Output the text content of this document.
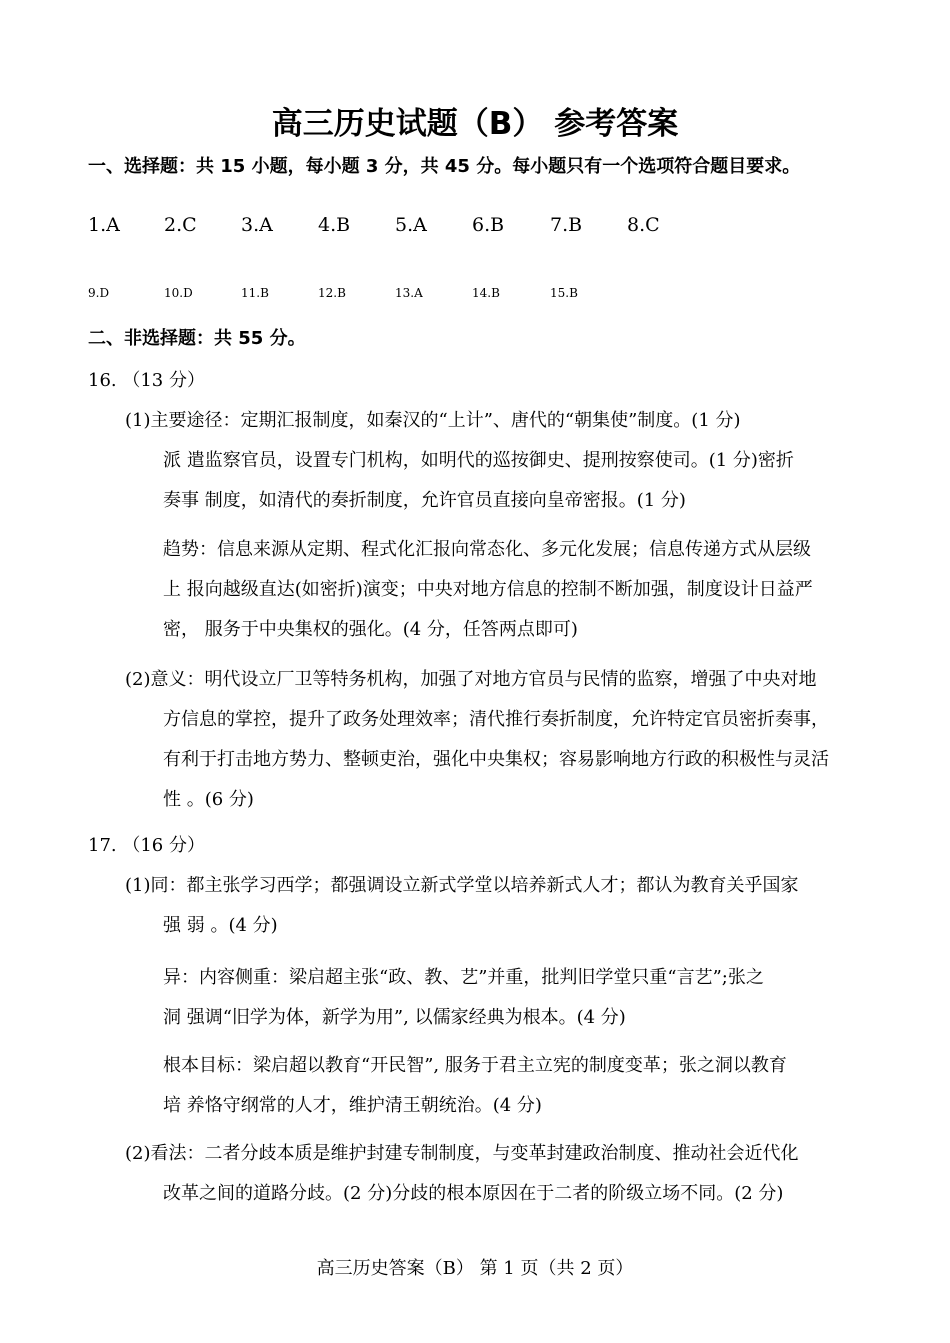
高三历史试题（B） 参考答案
一、选择题：共 15 小题，每小题 3 分，共 45 分。每小题只有一个选项符合题目要求。
1.A 2.C 3.A 4.B 5.A 6.B 7.B 8.C
9.D	10.D	11.B	12.B	13.A	14.B	15.B
二、非选择题：共 55 分。
16. （13 分）
(1)主要途径：定期汇报制度，如秦汉的“上计”、唐代的“朝集使”制度。(1 分)
派 遣监察官员，设置专门机构，如明代的巡按御史、提刑按察使司。(1 分)密折
奏事 制度，如清代的奏折制度，允许官员直接向皇帝密报。(1 分)
趋势：信息来源从定期、程式化汇报向常态化、多元化发展；信息传递方式从层级
上 报向越级直达(如密折)演变；中央对地方信息的控制不断加强，制度设计日益严
密， 服务于中央集权的强化。(4 分，任答两点即可)
(2)意义：明代设立厂卫等特务机构，加强了对地方官员与民情的监察，增强了中央对地
方信息的掌控，提升了政务处理效率；清代推行奏折制度，允许特定官员密折奏事，
有利于打击地方势力、整顿吏治，强化中央集权；容易影响地方行政的积极性与灵活
性 。(6 分)
17. （16 分）
(1)同：都主张学习西学；都强调设立新式学堂以培养新式人才；都认为教育关乎国家
强 弱 。(4 分)
异：内容侧重：梁启超主张“政、教、艺”并重，批判旧学堂只重“言艺”;张之
洞 强调“旧学为体，新学为用”, 以儒家经典为根本。(4 分)
根本目标：梁启超以教育“开民智”, 服务于君主立宪的制度变革；张之洞以教育
培 养恪守纲常的人才，维护清王朝统治。(4 分)
(2)看法：二者分歧本质是维护封建专制制度，与变革封建政治制度、推动社会近代化
改革之间的道路分歧。(2 分)分歧的根本原因在于二者的阶级立场不同。(2 分)
高三历史答案（B） 第 1 页（共 2 页）
